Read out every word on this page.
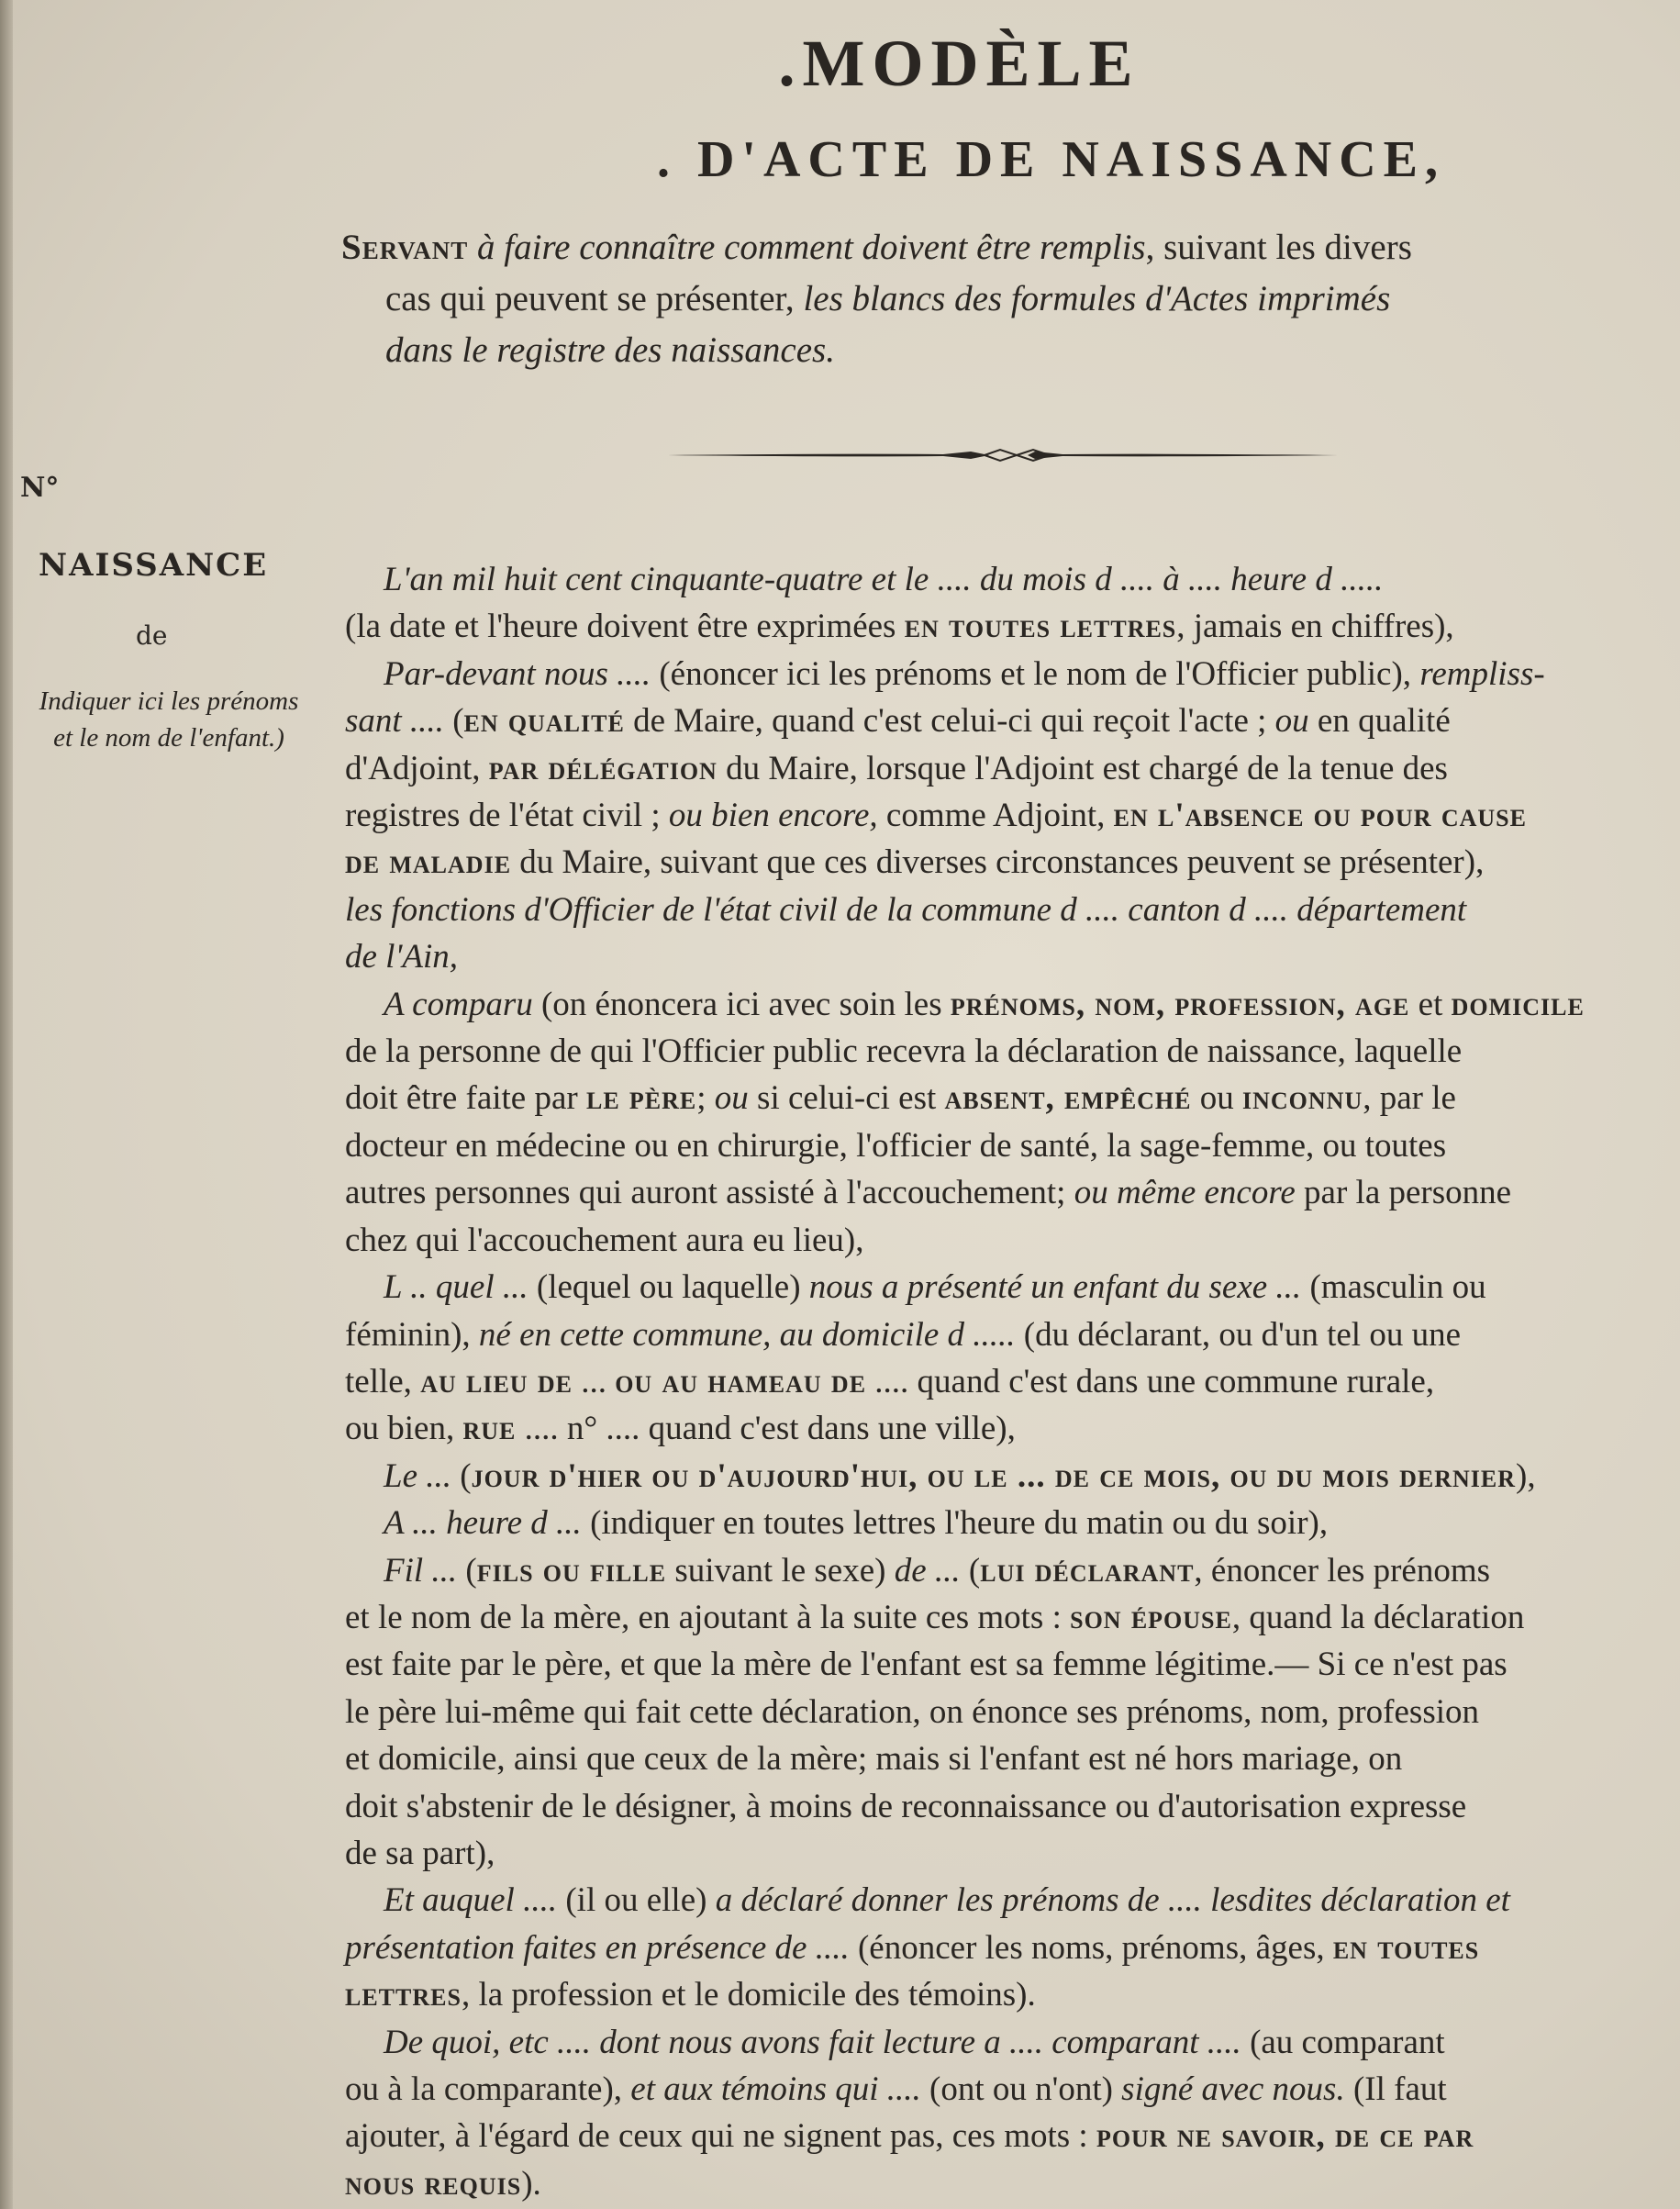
.MODÈLE
. D'ACTE DE NAISSANCE,
Servant à faire connaître comment doivent être remplis, suivant les divers
cas qui peuvent se présenter, les blancs des formules d'Actes imprimés
dans le registre des naissances.
N°
NAISSANCE
de
Indiquer ici les prénoms
et le nom de l'enfant.)
L'an mil huit cent cinquante-quatre et le .... du mois d .... à .... heure d .....
(la date et l'heure doivent être exprimées en toutes lettres, jamais en chiffres),
Par-devant nous .... (énoncer ici les prénoms et le nom de l'Officier public), rempliss-
sant .... (en qualité de Maire, quand c'est celui-ci qui reçoit l'acte ; ou en qualité
d'Adjoint, par délégation du Maire, lorsque l'Adjoint est chargé de la tenue des
registres de l'état civil ; ou bien encore, comme Adjoint, en l'absence ou pour cause
de maladie du Maire, suivant que ces diverses circonstances peuvent se présenter),
les fonctions d'Officier de l'état civil de la commune d .... canton d .... département
de l'Ain,
A comparu (on énoncera ici avec soin les prénoms, nom, profession, age et domicile
de la personne de qui l'Officier public recevra la déclaration de naissance, laquelle
doit être faite par le père; ou si celui-ci est absent, empêché ou inconnu, par le
docteur en médecine ou en chirurgie, l'officier de santé, la sage-femme, ou toutes
autres personnes qui auront assisté à l'accouchement; ou même encore par la personne
chez qui l'accouchement aura eu lieu),
L .. quel ... (lequel ou laquelle) nous a présenté un enfant du sexe ... (masculin ou
féminin), né en cette commune, au domicile d ..... (du déclarant, ou d'un tel ou une
telle, au lieu de ... ou au hameau de .... quand c'est dans une commune rurale,
ou bien, rue .... n° .... quand c'est dans une ville),
Le ... (jour d'hier ou d'aujourd'hui, ou le ... de ce mois, ou du mois dernier),
A ... heure d ... (indiquer en toutes lettres l'heure du matin ou du soir),
Fil ... (fils ou fille suivant le sexe) de ... (lui déclarant, énoncer les prénoms
et le nom de la mère, en ajoutant à la suite ces mots : son épouse, quand la déclaration
est faite par le père, et que la mère de l'enfant est sa femme légitime.— Si ce n'est pas
le père lui-même qui fait cette déclaration, on énonce ses prénoms, nom, profession
et domicile, ainsi que ceux de la mère; mais si l'enfant est né hors mariage, on
doit s'abstenir de le désigner, à moins de reconnaissance ou d'autorisation expresse
de sa part),
Et auquel .... (il ou elle) a déclaré donner les prénoms de .... lesdites déclaration et
présentation faites en présence de .... (énoncer les noms, prénoms, âges, en toutes
lettres, la profession et le domicile des témoins).
De quoi, etc .... dont nous avons fait lecture a .... comparant .... (au comparant
ou à la comparante), et aux témoins qui .... (ont ou n'ont) signé avec nous. (Il faut
ajouter, à l'égard de ceux qui ne signent pas, ces mots : pour ne savoir, de ce par
nous requis).
